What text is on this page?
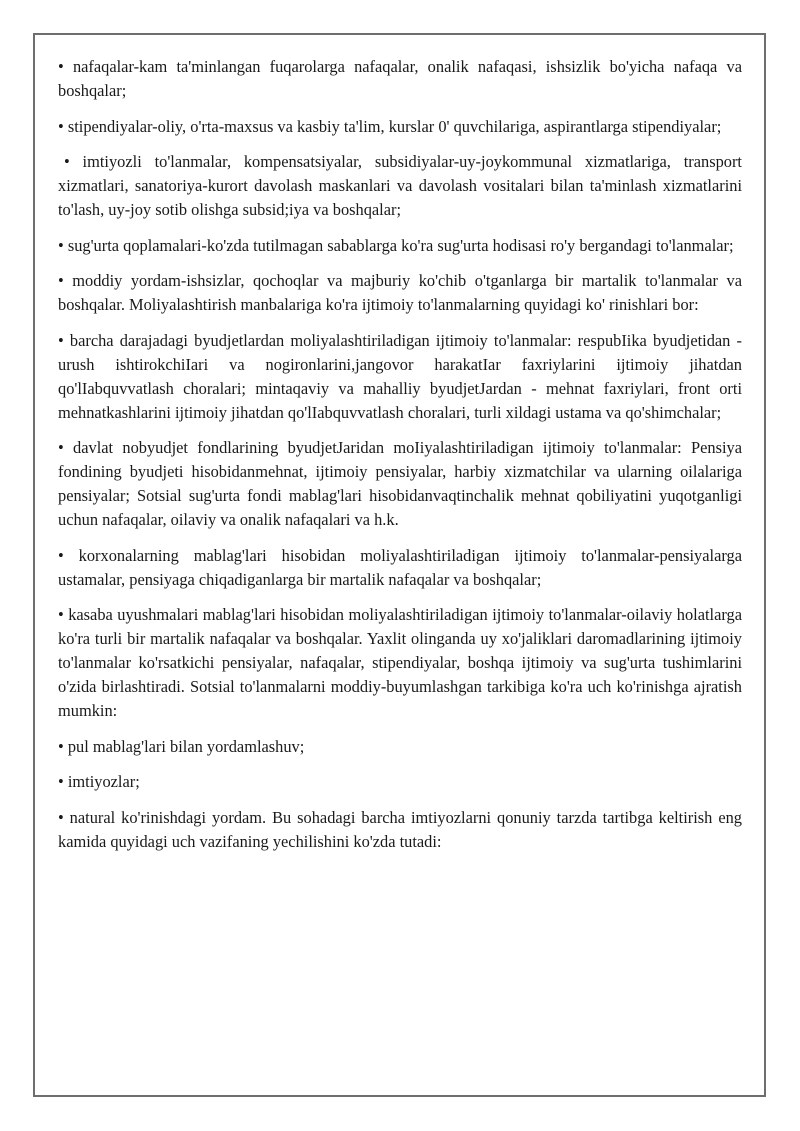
• nafaqalar-kam ta'minlangan fuqarolarga nafaqalar, onalik nafaqasi, ishsizlik bo'yicha nafaqa va boshqalar;

• stipendiyalar-oliy, o'rta-maxsus va kasbiy ta'lim, kurslar 0' quvchilariga, aspirantlarga stipendiyalar;

• imtiyozli to'lanmalar, kompensatsiyalar, subsidiyalar-uy-joykommunal xizmatlariga, transport xizmatlari, sanatoriya-kurort davolash maskanlari va davolash vositalari bilan ta'minlash xizmatlarini to'lash, uy-joy sotib olishga subsid;iya va boshqalar;

• sug'urta qoplamalari-ko'zda tutilmagan sabablarga ko'ra sug'urta hodisasi ro'y bergandagi to'lanmalar;

• moddiy yordam-ishsizlar, qochoqlar va majburiy ko'chib o'tganlarga bir martalik to'lanmalar va boshqalar. Moliyalashtirish manbalariga ko'ra ijtimoiy to'lanmalarning quyidagi ko' rinishlari bor:

• barcha darajadagi byudjetlardan moliyalashtiriladigan ijtimoiy to'lanmalar: respubIika byudjetidan - urush ishtirokchiIari va nogironlarini,jangovor harakatIar faxriylarini ijtimoiy jihatdan qo'lIabquvvatlash choralari; mintaqaviy va mahalliy byudjetJardan - mehnat faxriylari, front orti mehnatkashlarini ijtimoiy jihatdan qo'lIabquvvatlash choralari, turli xildagi ustama va qo'shimchalar;

• davlat nobyudjet fondlarining byudjetJaridan moIiyalashtiriladigan ijtimoiy to'lanmalar: Pensiya fondining byudjeti hisobidanmehnat, ijtimoiy pensiyalar, harbiy xizmatchilar va ularning oilalariga pensiyalar; Sotsial sug'urta fondi mablag'lari hisobidanvaqtinchalik mehnat qobiliyatini yuqotganligi uchun nafaqalar, oilaviy va onalik nafaqalari va h.k.

• korxonalarning mablag'lari hisobidan moliyalashtiriladigan ijtimoiy to'lanmalar-pensiyalarga ustamalar, pensiyaga chiqadiganlarga bir martalik nafaqalar va boshqalar;

• kasaba uyushmalari mablag'lari hisobidan moliyalashtiriladigan ijtimoiy to'lanmalar-oilaviy holatlarga ko'ra turli bir martalik nafaqalar va boshqalar. Yaxlit olinganda uy xo'jaliklari daromadlarining ijtimoiy to'lanmalar ko'rsatkichi pensiyalar, nafaqalar, stipendiyalar, boshqa ijtimoiy va sug'urta tushimlarini o'zida birlashtiradi. Sotsial to'lanmalarni moddiy-buyumlashgan tarkibiga ko'ra uch ko'rinishga ajratish mumkin:

• pul mablag'lari bilan yordamlashuv;

• imtiyozlar;

• natural ko'rinishdagi yordam. Bu sohadagi barcha imtiyozlarni qonuniy tarzda tartibga keltirish eng kamida quyidagi uch vazifaning yechilishini ko'zda tutadi:
